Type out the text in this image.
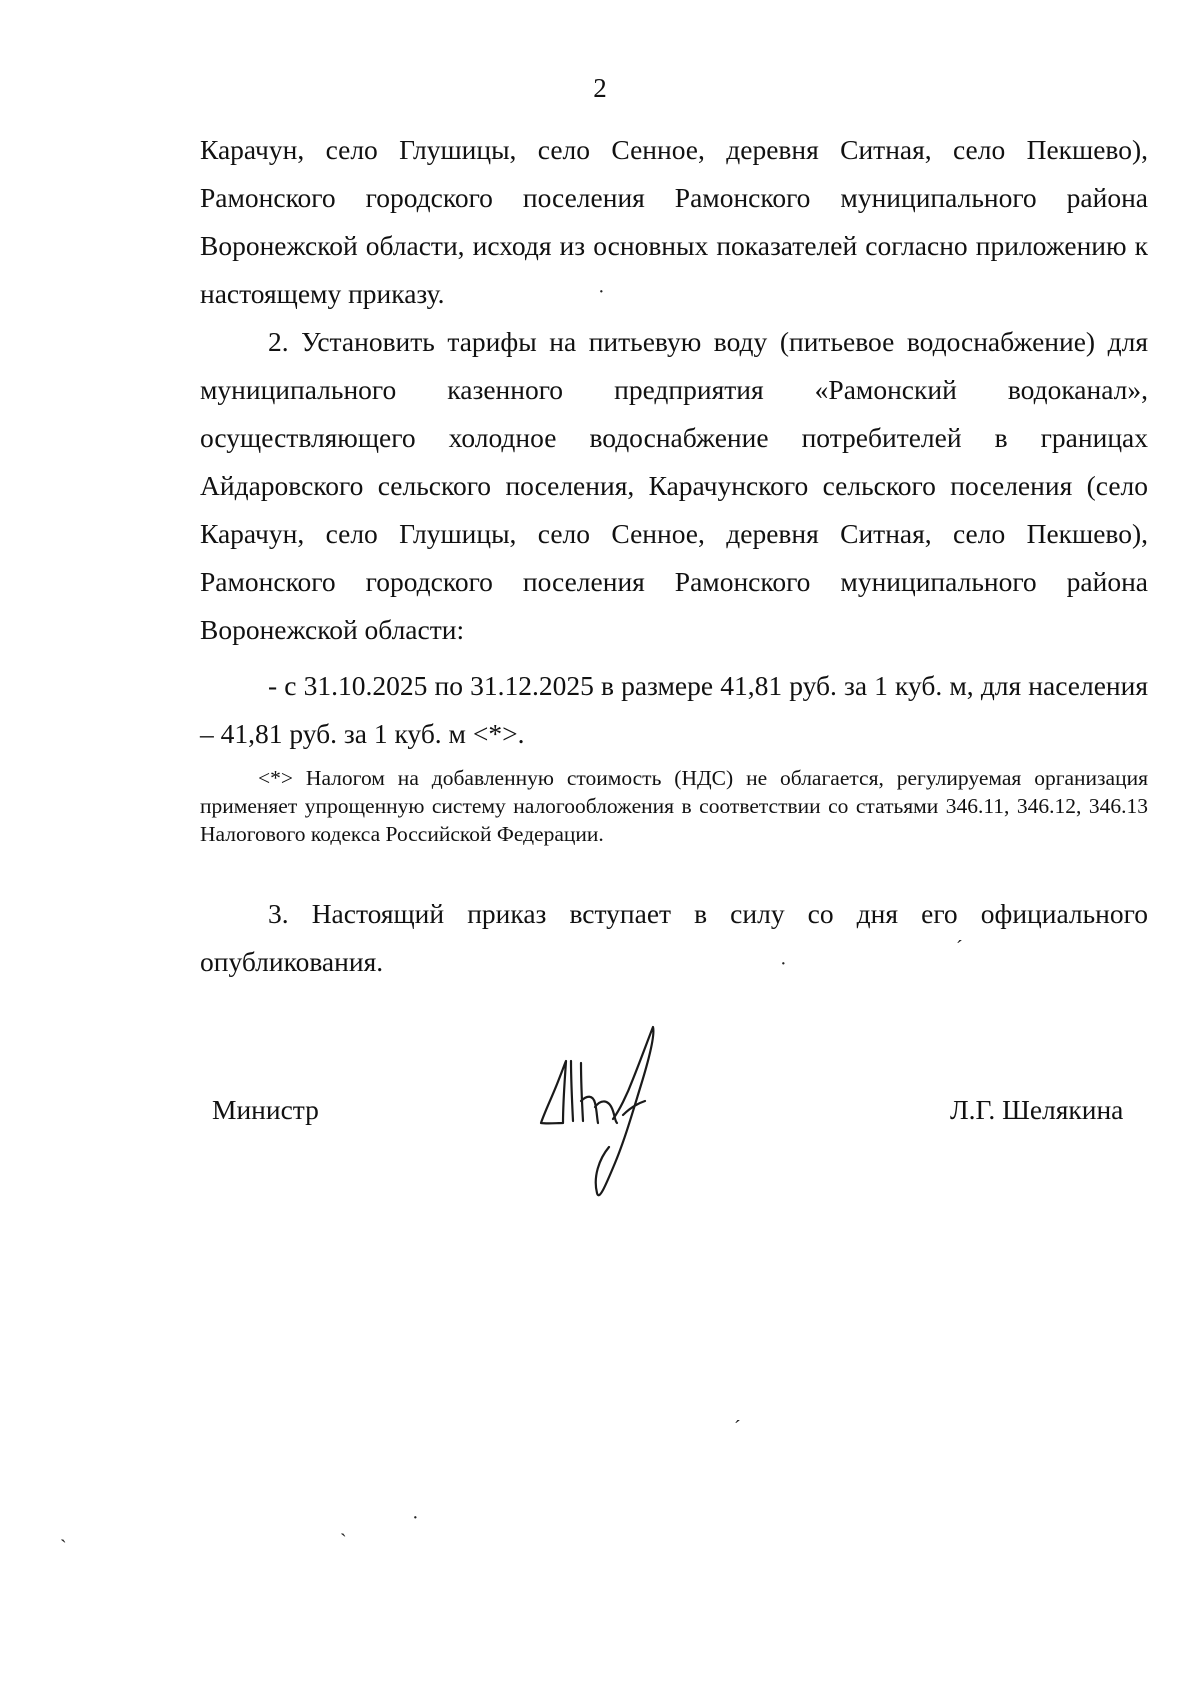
2

Карачун, село Глушицы, село Сенное, деревня Ситная, село Пекшево), Рамонского городского поселения Рамонского муниципального района Воронежской области, исходя из основных показателей согласно приложению к настоящему приказу.

2. Установить тарифы на питьевую воду (питьевое водоснабжение) для муниципального казенного предприятия «Рамонский водоканал», осуществляющего холодное водоснабжение потребителей в границах Айдаровского сельского поселения, Карачунского сельского поселения (село Карачун, село Глушицы, село Сенное, деревня Ситная, село Пекшево), Рамонского городского поселения Рамонского муниципального района Воронежской области:

- с 31.10.2025 по 31.12.2025 в размере 41,81 руб. за 1 куб. м, для населения – 41,81 руб. за 1 куб. м <*>.

<*> Налогом на добавленную стоимость (НДС) не облагается, регулируемая организация применяет упрощенную систему налогообложения в соответствии со статьями 346.11, 346.12, 346.13 Налогового кодекса Российской Федерации.

3. Настоящий приказ вступает в силу со дня его официального опубликования.

Министр	Л.Г. Шелякина
·
·
ˊ
ˊ
ˏ	ˎ	·
